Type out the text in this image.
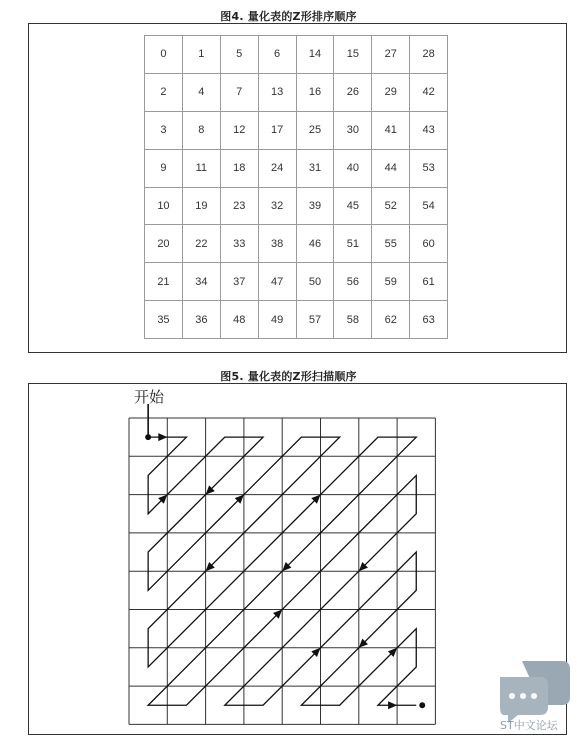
图4. 量化表的Z形排序顺序
0	1	5	6	14	15	27	28
2	4	7	13	16	26	29	42
3	8	12	17	25	30	41	43
9	11	18	24	31	40	44	53
10	19	23	32	39	45	52	54
20	22	33	38	46	51	55	60
21	34	37	47	50	56	59	61
35	36	48	49	57	58	62	63
图5. 量化表的Z形扫描顺序
开始
ST中文论坛
